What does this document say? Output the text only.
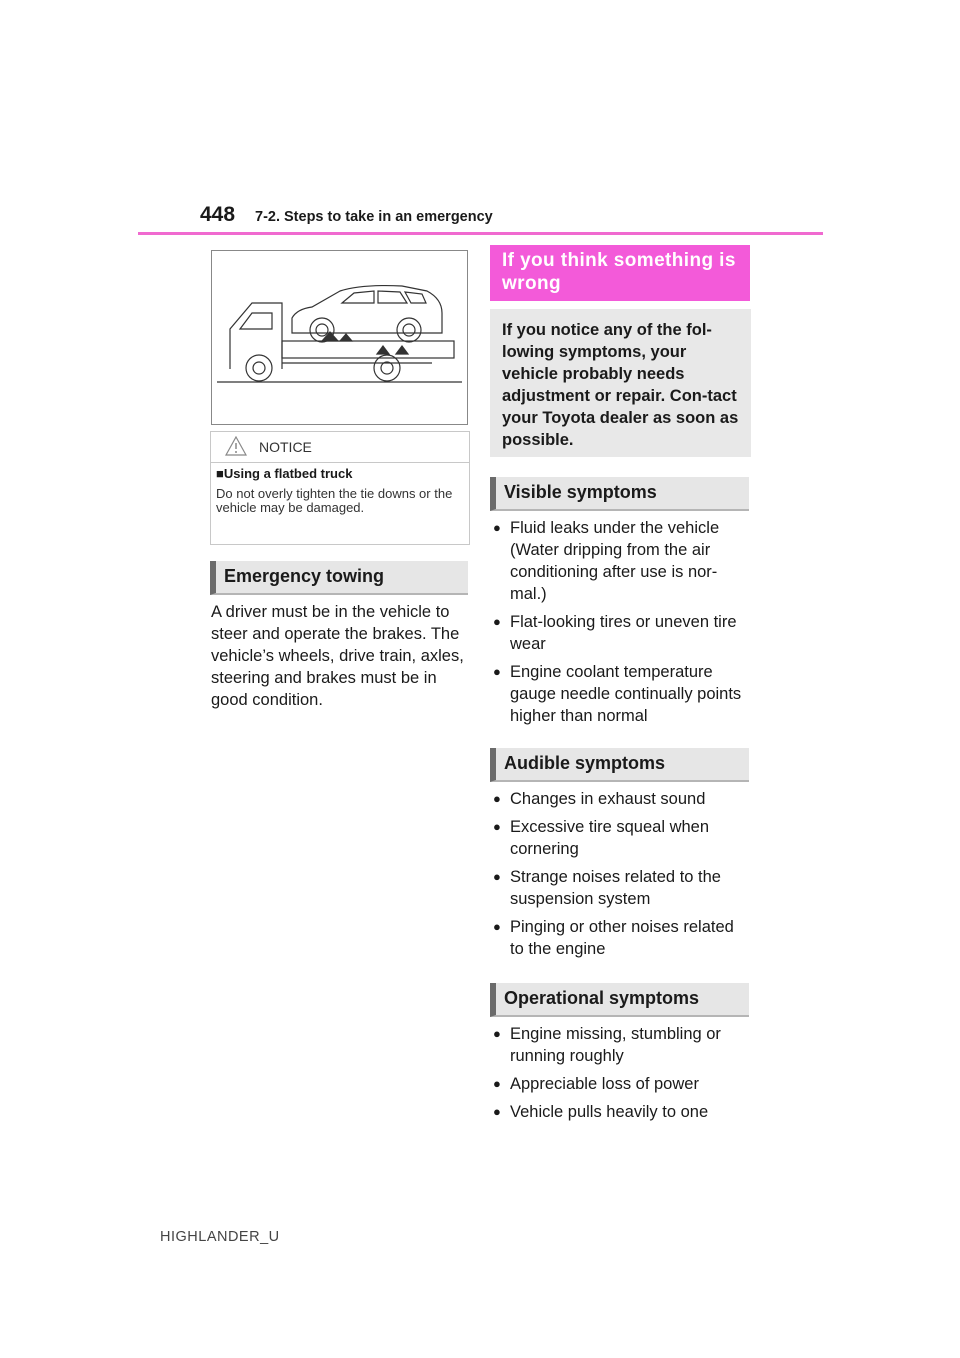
448 7-2. Steps to take in an emergency
NOTICE
■Using a flatbed truck
Do not overly tighten the tie downs or the vehicle may be damaged.
Emergency towing
A driver must be in the vehicle to steer and operate the brakes. The vehicle’s wheels, drive train, axles, steering and brakes must be in good condition.
If you think something is wrong
If you notice any of the fol-lowing symptoms, your vehicle probably needs adjustment or repair. Con-tact your Toyota dealer as soon as possible.
Visible symptoms
● Fluid leaks under the vehicle (Water dripping from the air conditioning after use is nor-mal.)
● Flat-looking tires or uneven tire wear
● Engine coolant temperature gauge needle continually points higher than normal
Audible symptoms
● Changes in exhaust sound
● Excessive tire squeal when cornering
● Strange noises related to the suspension system
● Pinging or other noises related to the engine
Operational symptoms
● Engine missing, stumbling or running roughly
● Appreciable loss of power
● Vehicle pulls heavily to one
HIGHLANDER_U
